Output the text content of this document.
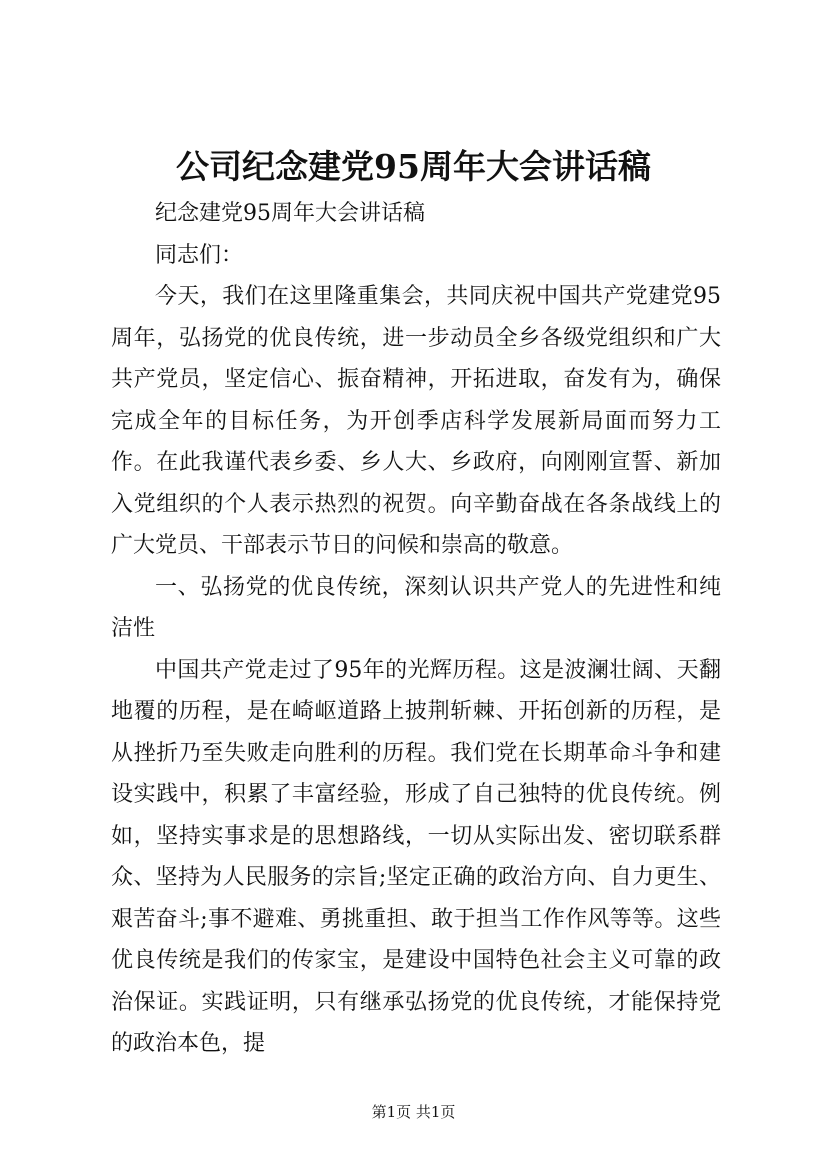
公司纪念建党95周年大会讲话稿

纪念建党95周年大会讲话稿

同志们：

今天，我们在这里隆重集会，共同庆祝中国共产党建党95周年，弘扬党的优良传统，进一步动员全乡各级党组织和广大共产党员，坚定信心、振奋精神，开拓进取，奋发有为，确保完成全年的目标任务，为开创季店科学发展新局面而努力工作。在此我谨代表乡委、乡人大、乡政府，向刚刚宣誓、新加入党组织的个人表示热烈的祝贺。向辛勤奋战在各条战线上的广大党员、干部表示节日的问候和崇高的敬意。

一、弘扬党的优良传统，深刻认识共产党人的先进性和纯洁性

中国共产党走过了95年的光辉历程。这是波澜壮阔、天翻地覆的历程，是在崎岖道路上披荆斩棘、开拓创新的历程，是从挫折乃至失败走向胜利的历程。我们党在长期革命斗争和建设实践中，积累了丰富经验，形成了自己独特的优良传统。例如，坚持实事求是的思想路线，一切从实际出发、密切联系群众、坚持为人民服务的宗旨;坚定正确的政治方向、自力更生、艰苦奋斗;事不避难、勇挑重担、敢于担当工作作风等等。这些优良传统是我们的传家宝，是建设中国特色社会主义可靠的政治保证。实践证明，只有继承弘扬党的优良传统，才能保持党的政治本色，提

第1页 共1页
